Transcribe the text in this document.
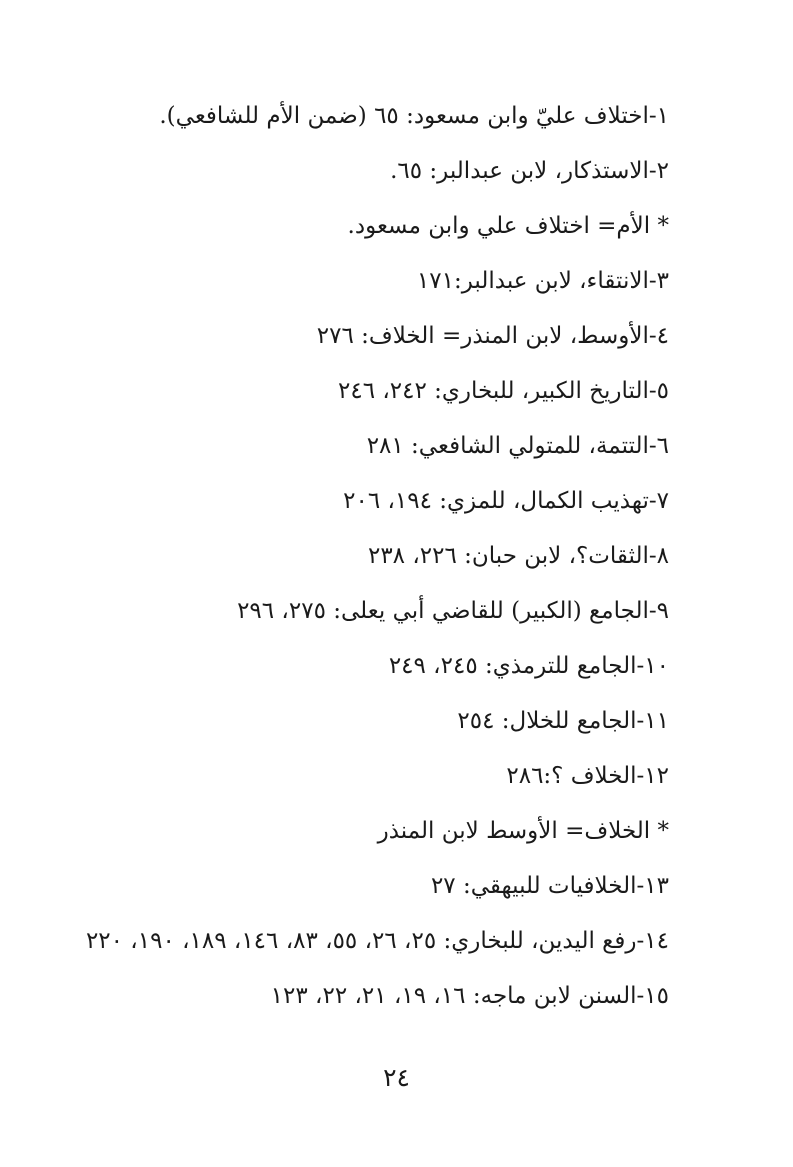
١-اختلاف عليّ وابن مسعود: ٦٥ (ضمن الأم للشافعي).
٢-الاستذكار، لابن عبدالبر: ٦٥.
* الأم= اختلاف علي وابن مسعود.
٣-الانتقاء، لابن عبدالبر:١٧١
٤-الأوسط، لابن المنذر= الخلاف: ٢٧٦
٥-التاريخ الكبير، للبخاري: ٢٤٢، ٢٤٦
٦-التتمة، للمتولي الشافعي: ٢٨١
٧-تهذيب الكمال، للمزي: ١٩٤، ٢٠٦
٨-الثقات؟، لابن حبان: ٢٢٦، ٢٣٨
٩-الجامع (الكبير) للقاضي أبي يعلى: ٢٧٥، ٢٩٦
١٠-الجامع للترمذي: ٢٤٥، ٢٤٩
١١-الجامع للخلال: ٢٥٤
١٢-الخلاف ؟:٢٨٦
* الخلاف= الأوسط لابن المنذر
١٣-الخلافيات للبيهقي: ٢٧
١٤-رفع اليدين، للبخاري: ٢٥، ٢٦، ٥٥، ٨٣، ١٤٦، ١٨٩، ١٩٠، ٢٢٠
١٥-السنن لابن ماجه: ١٦، ١٩، ٢١، ٢٢، ١٢٣
٢٤
